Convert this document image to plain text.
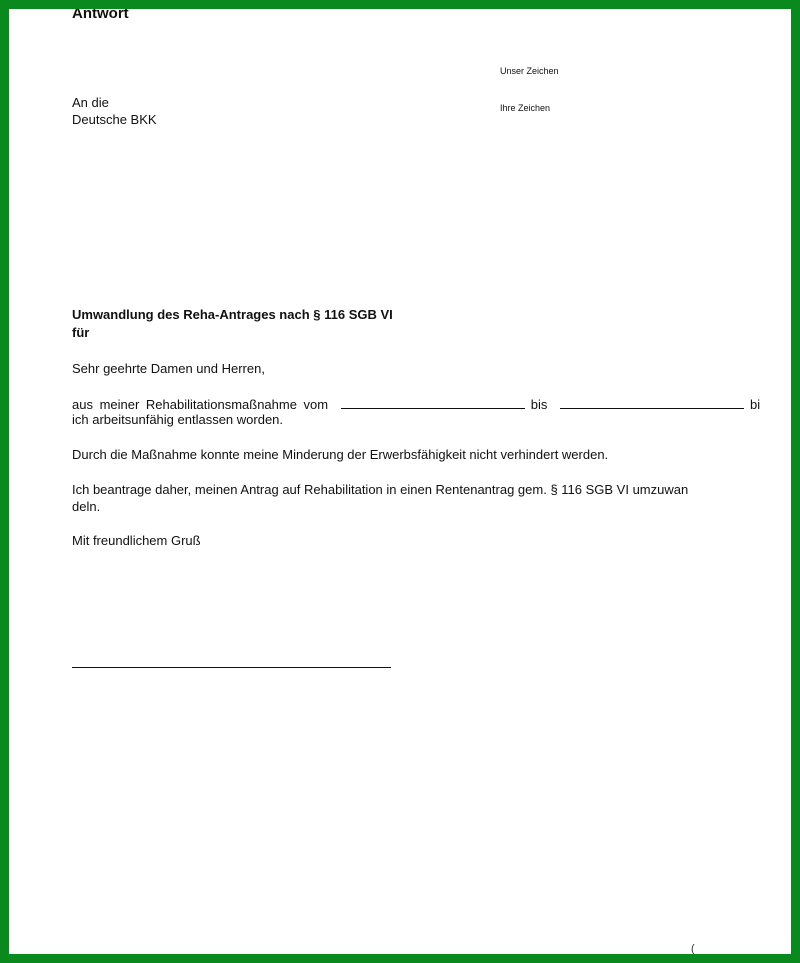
Antwort
Unser Zeichen
Ihre Zeichen
An die
Deutsche BKK
Umwandlung des Reha-Antrages nach § 116 SGB VI
für
Sehr geehrte Damen und Herren,
aus meiner Rehabilitationsmaßnahme vom	bis	bi
ich arbeitsunfähig entlassen worden.
Durch die Maßnahme konnte meine Minderung der Erwerbsfähigkeit nicht verhindert werden.
Ich beantrage daher, meinen Antrag auf Rehabilitation in einen Rentenantrag gem. § 116 SGB VI umzuwan
deln.
Mit freundlichem Gruß
(
